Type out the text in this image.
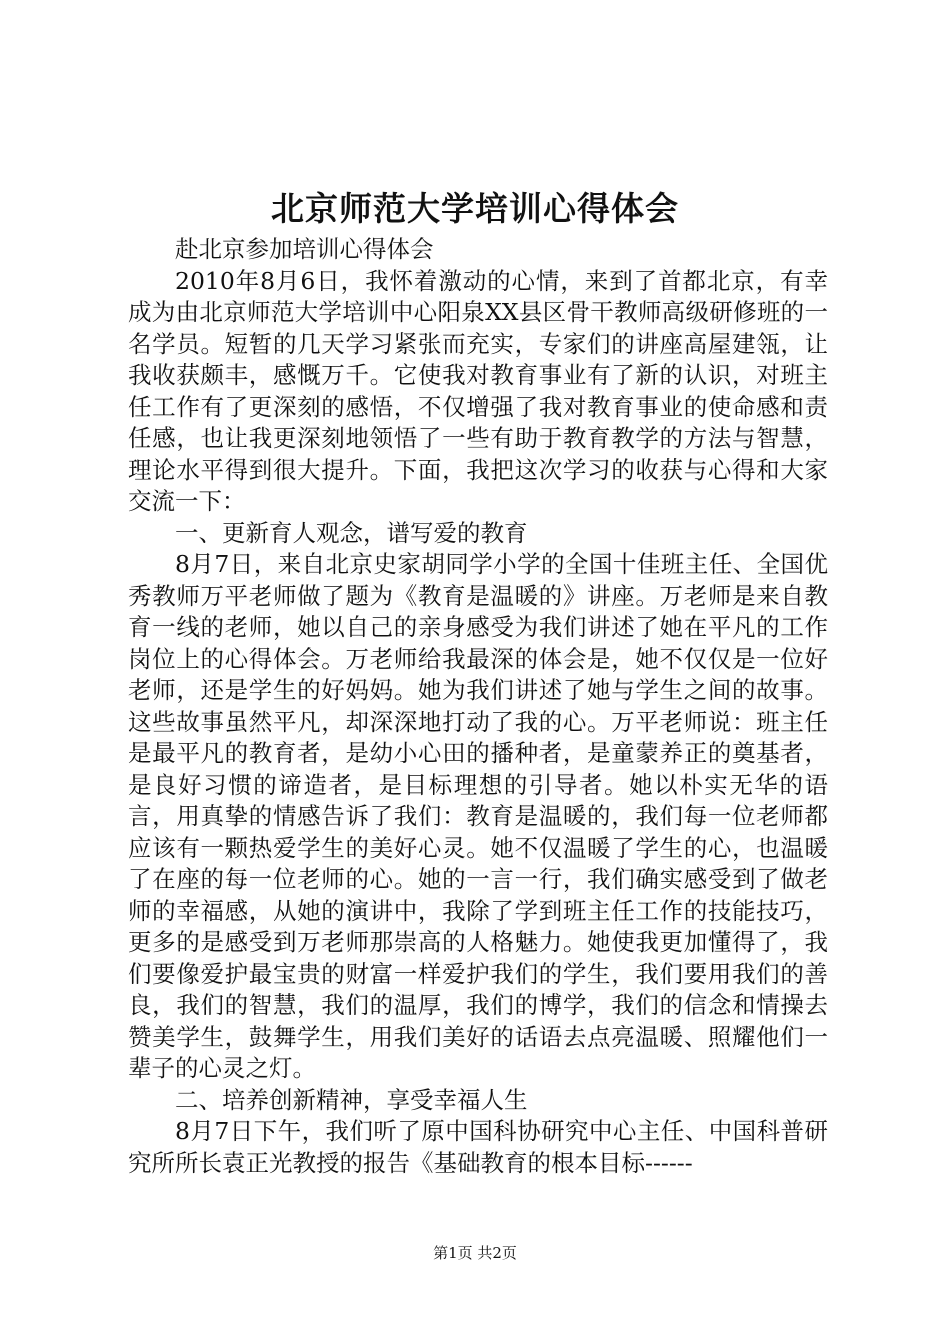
北京师范大学培训心得体会

赴北京参加培训心得体会

2010年8月6日，我怀着激动的心情，来到了首都北京，有幸成为由北京师范大学培训中心阳泉XX县区骨干教师高级研修班的一名学员。短暂的几天学习紧张而充实，专家们的讲座高屋建瓴，让我收获颇丰，感慨万千。它使我对教育事业有了新的认识，对班主任工作有了更深刻的感悟，不仅增强了我对教育事业的使命感和责任感，也让我更深刻地领悟了一些有助于教育教学的方法与智慧，理论水平得到很大提升。下面，我把这次学习的收获与心得和大家交流一下：

一、更新育人观念，谱写爱的教育

8月7日，来自北京史家胡同学小学的全国十佳班主任、全国优秀教师万平老师做了题为《教育是温暖的》讲座。万老师是来自教育一线的老师，她以自己的亲身感受为我们讲述了她在平凡的工作岗位上的心得体会。万老师给我最深的体会是，她不仅仅是一位好老师，还是学生的好妈妈。她为我们讲述了她与学生之间的故事。这些故事虽然平凡，却深深地打动了我的心。万平老师说：班主任是最平凡的教育者，是幼小心田的播种者，是童蒙养正的奠基者，是良好习惯的谛造者，是目标理想的引导者。她以朴实无华的语言，用真挚的情感告诉了我们：教育是温暖的，我们每一位老师都应该有一颗热爱学生的美好心灵。她不仅温暖了学生的心，也温暖了在座的每一位老师的心。她的一言一行，我们确实感受到了做老师的幸福感，从她的演讲中，我除了学到班主任工作的技能技巧，更多的是感受到万老师那崇高的人格魅力。她使我更加懂得了，我们要像爱护最宝贵的财富一样爱护我们的学生，我们要用我们的善良，我们的智慧，我们的温厚，我们的博学，我们的信念和情操去赞美学生，鼓舞学生，用我们美好的话语去点亮温暖、照耀他们一辈子的心灵之灯。

二、培养创新精神，享受幸福人生

8月7日下午，我们听了原中国科协研究中心主任、中国科普研究所所长袁正光教授的报告《基础教育的根本目标------

第1页 共2页
